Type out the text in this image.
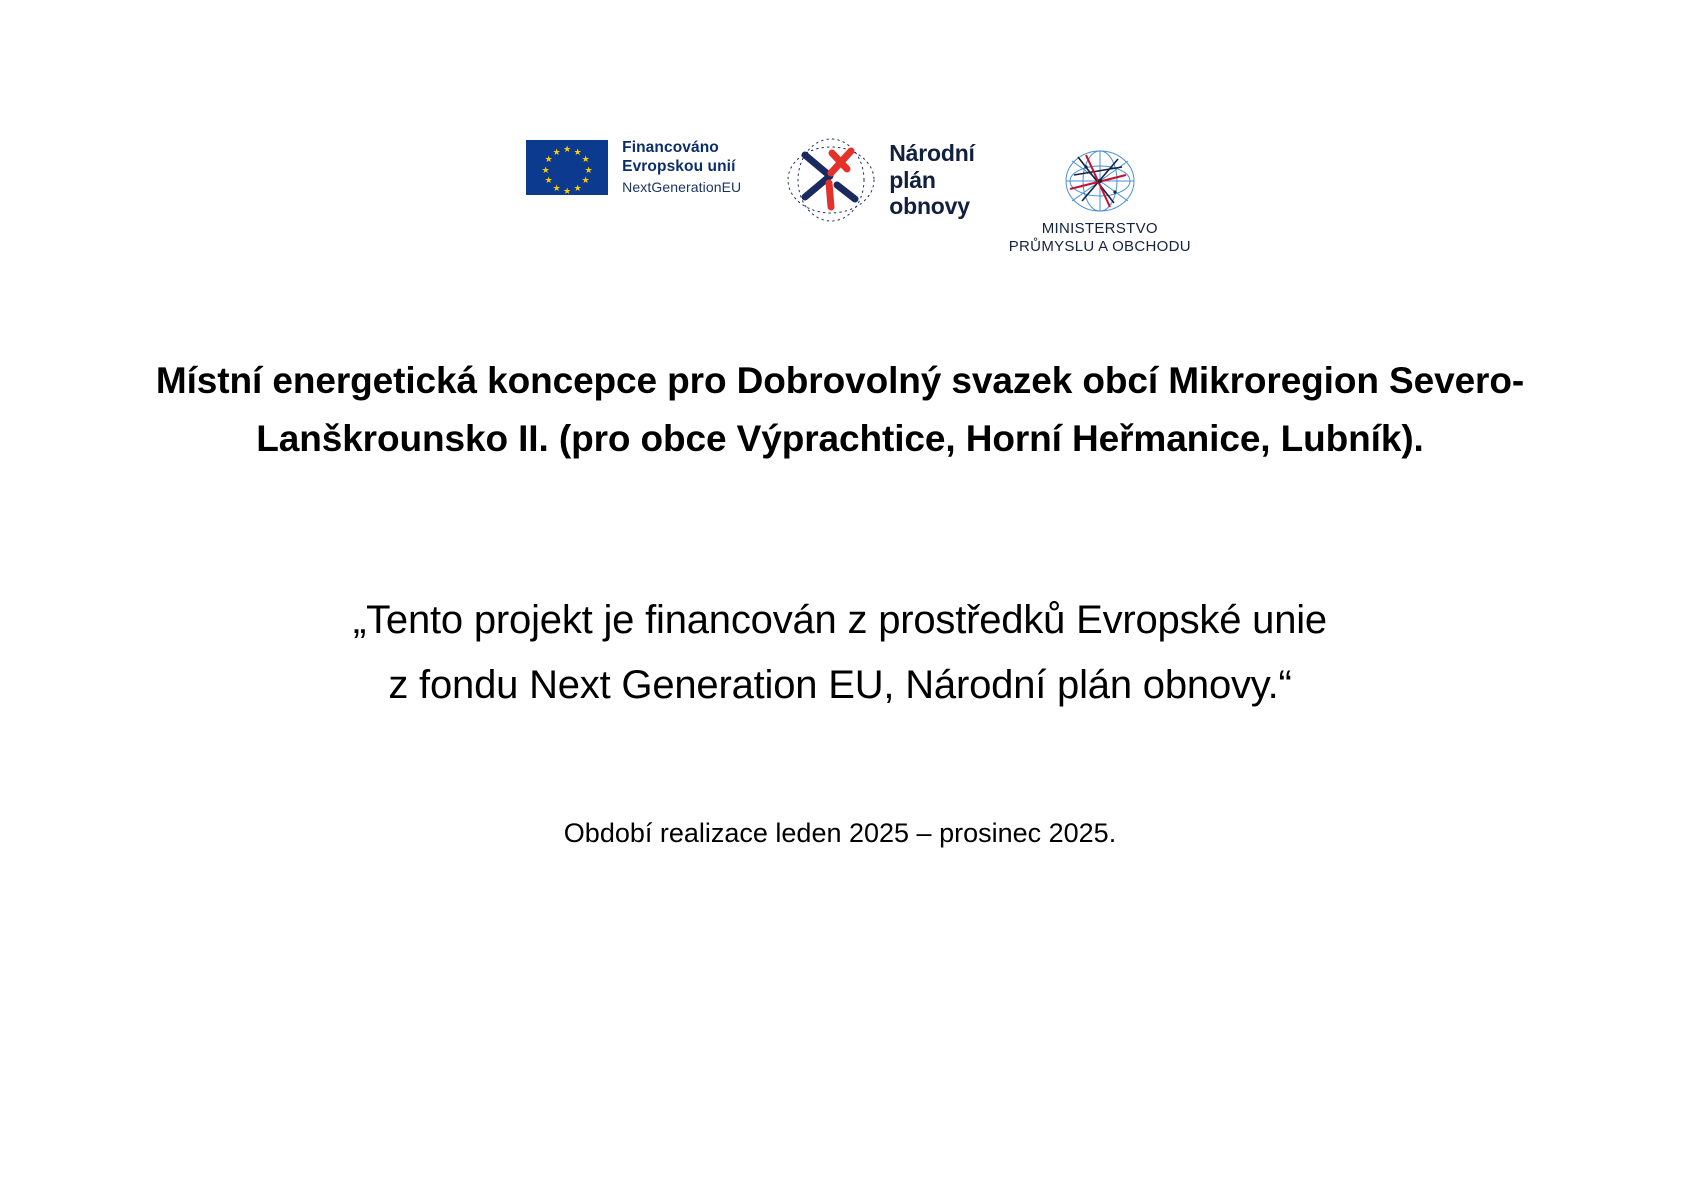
★ ★
★
★
★
★
★
★
★
★
★
★	Financováno
Evropskou unií
NextGenerationEU
Národní
plán
obnovy
MINISTERSTVO
PRŮMYSLU A OBCHODU
Místní energetická koncepce pro Dobrovolný svazek obcí Mikroregion Severo-Lanškrounsko II. (pro obce Výprachtice, Horní Heřmanice, Lubník).
„Tento projekt je financován z prostředků Evropské unie
z fondu Next Generation EU, Národní plán obnovy.“
Období realizace leden 2025 – prosinec 2025.
